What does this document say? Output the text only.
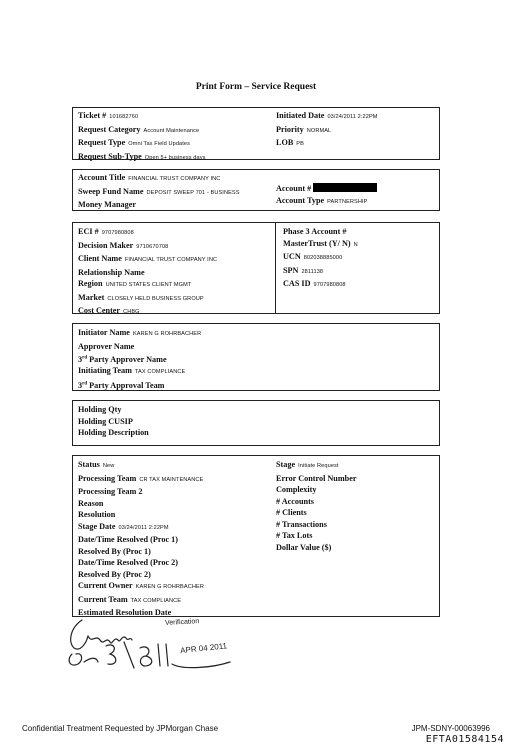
Print Form – Service Request
Ticket # 101682760
Request Category Account Maintenance
Request Type Omni Tax Field Updates
Request Sub-Type Open 5+ business days
Initiated Date 03/24/2011 2:22PM
Priority NORMAL
LOB PB
Account Title FINANCIAL TRUST COMPANY INC
Sweep Fund Name DEPOSIT SWEEP 701 - BUSINESS
Money Manager
Account #
Account Type PARTNERSHIP
ECI # 9707980808
Decision Maker 9710670708
Client Name FINANCIAL TRUST COMPANY INC
Relationship Name
Region UNITED STATES CLIENT MGMT
Market CLOSELY HELD BUSINESS GROUP
Cost Center CHBG
Phase 3 Account #
MasterTrust (Y/ N) N
UCN 802038885000
SPN 2811138
CAS ID 9707980808
Initiator Name KAREN G ROHRBACHER
Approver Name
3rd Party Approver Name
Initiating Team TAX COMPLIANCE
3rd Party Approval Team
Holding Qty
Holding CUSIP
Holding Description
Status New
Processing Team CR TAX MAINTENANCE
Processing Team 2
Reason
Resolution
Stage Date 03/24/2011 2:22PM
Date/Time Resolved (Proc 1)
Resolved By (Proc 1)
Date/Time Resolved (Proc 2)
Resolved By (Proc 2)
Current Owner KAREN G ROHRBACHER
Current Team TAX COMPLIANCE
Estimated Resolution Date
Stage Initiate Request
Error Control Number
Complexity
# Accounts
# Clients
# Transactions
# Tax Lots
Dollar Value ($)
Verification
APR 04 2011
Confidential Treatment Requested by JPMorgan Chase	JPM-SDNY-00063996
EFTA01584154
